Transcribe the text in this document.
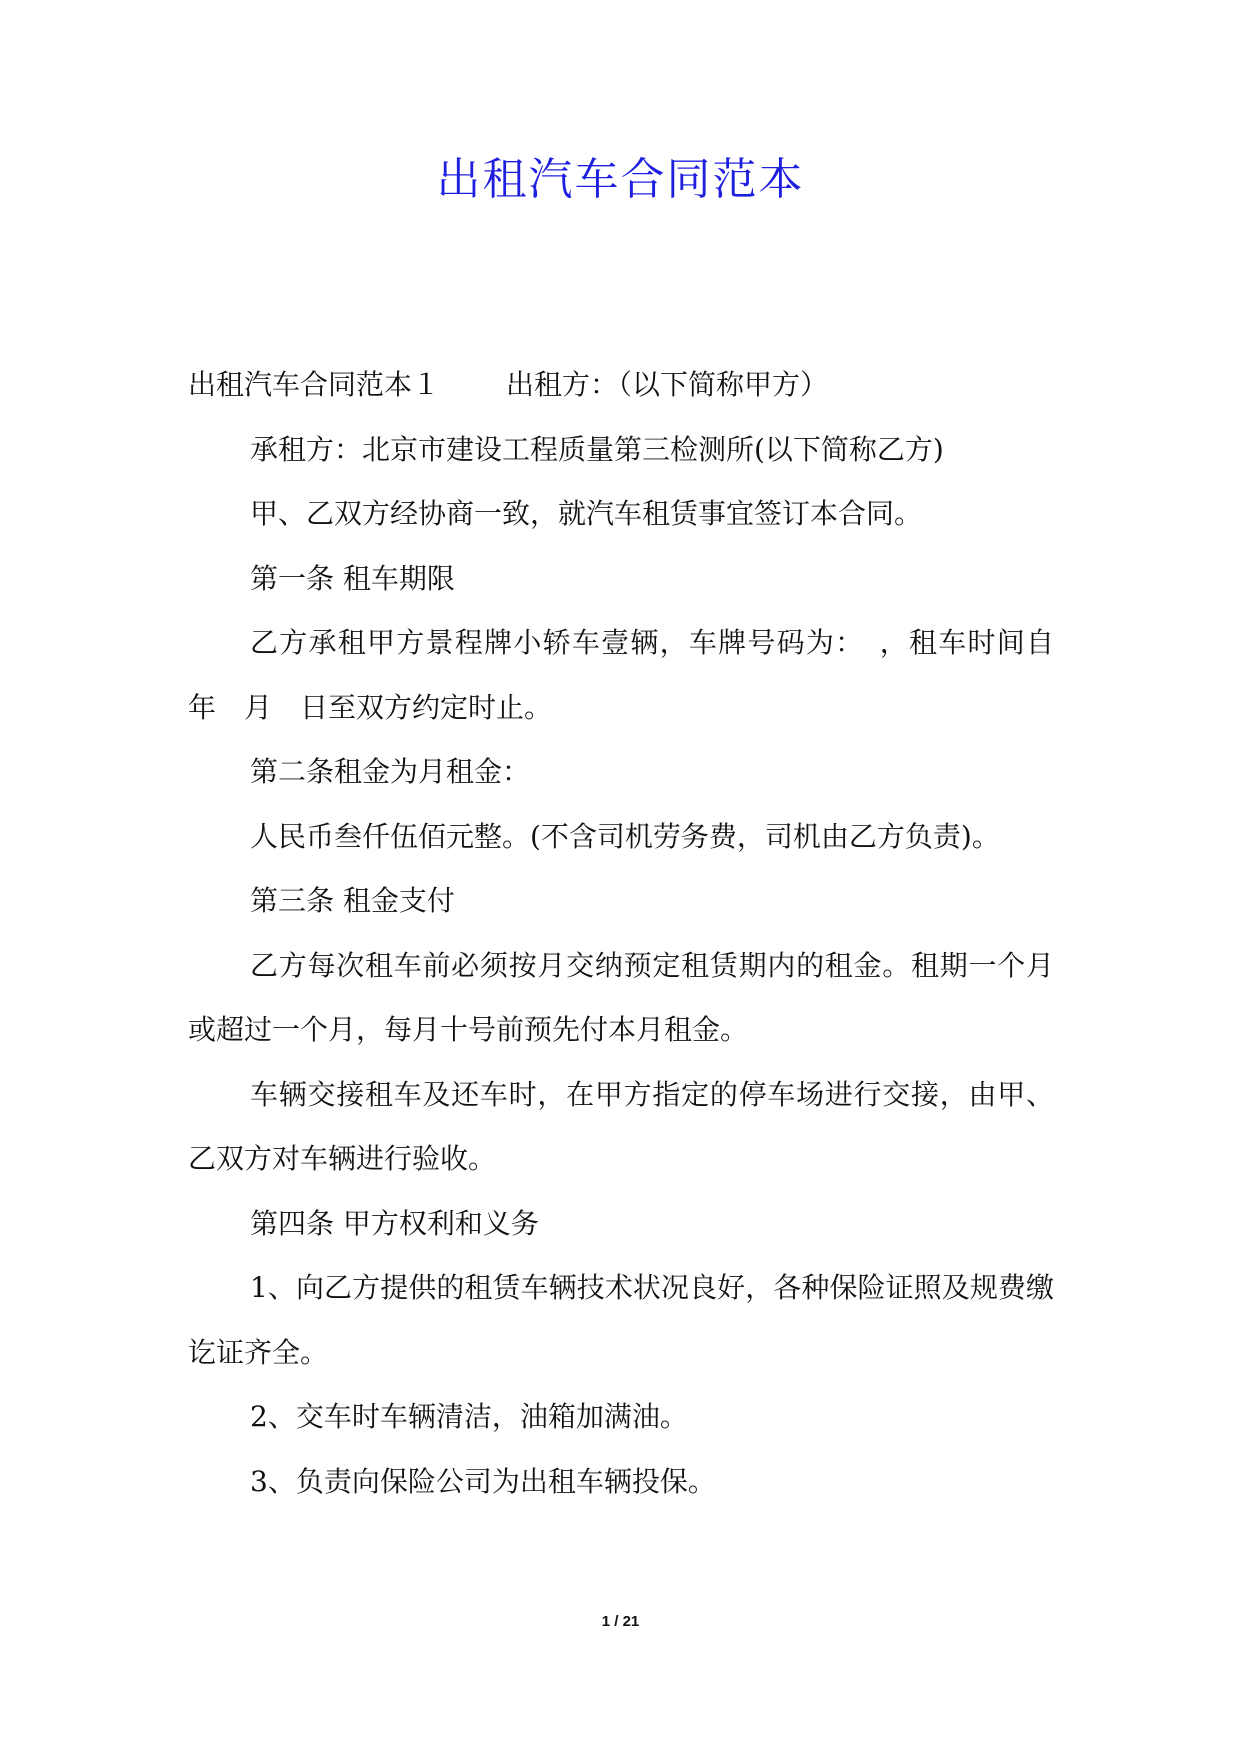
出租汽车合同范本

出租汽车合同范本１ 出租方：（以下简称甲方）

承租方：北京市建设工程质量第三检测所(以下简称乙方)

甲、乙双方经协商一致，就汽车租赁事宜签订本合同。

第一条 租车期限

乙方承租甲方景程牌小轿车壹辆，车牌号码为：　，租车时间自　年　月　日至双方约定时止。

第二条租金为月租金：

人民币叁仟伍佰元整。(不含司机劳务费，司机由乙方负责)。

第三条 租金支付

乙方每次租车前必须按月交纳预定租赁期内的租金。租期一个月或超过一个月，每月十号前预先付本月租金。

车辆交接租车及还车时，在甲方指定的停车场进行交接，由甲、乙双方对车辆进行验收。

第四条 甲方权利和义务

1、向乙方提供的租赁车辆技术状况良好，各种保险证照及规费缴讫证齐全。

2、交车时车辆清洁，油箱加满油。

3、负责向保险公司为出租车辆投保。

1 / 21
